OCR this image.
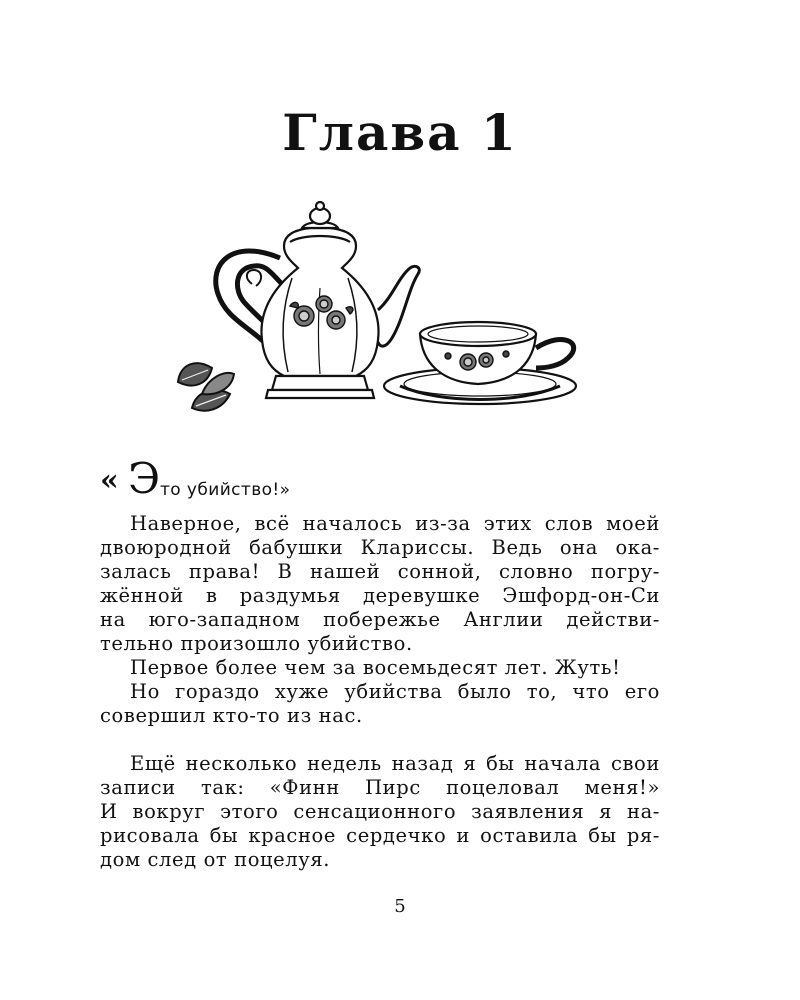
Глава 1
« Э то убийство!»
Наверное, всё началось из-за этих слов моей
двоюродной бабушки Клариссы. Ведь она ока-
залась права! В нашей сонной, словно погру-
жённой в раздумья деревушке Эшфорд-он-Си
на юго-западном побережье Англии действи-
тельно произошло убийство.
Первое более чем за восемьдесят лет. Жуть!
Но гораздо хуже убийства было то, что его
совершил кто-то из нас.
Ещё несколько недель назад я бы начала свои
записи так: «Финн Пирс поцеловал меня!»
И вокруг этого сенсационного заявления я на-
рисовала бы красное сердечко и оставила бы ря-
дом след от поцелуя.
5
